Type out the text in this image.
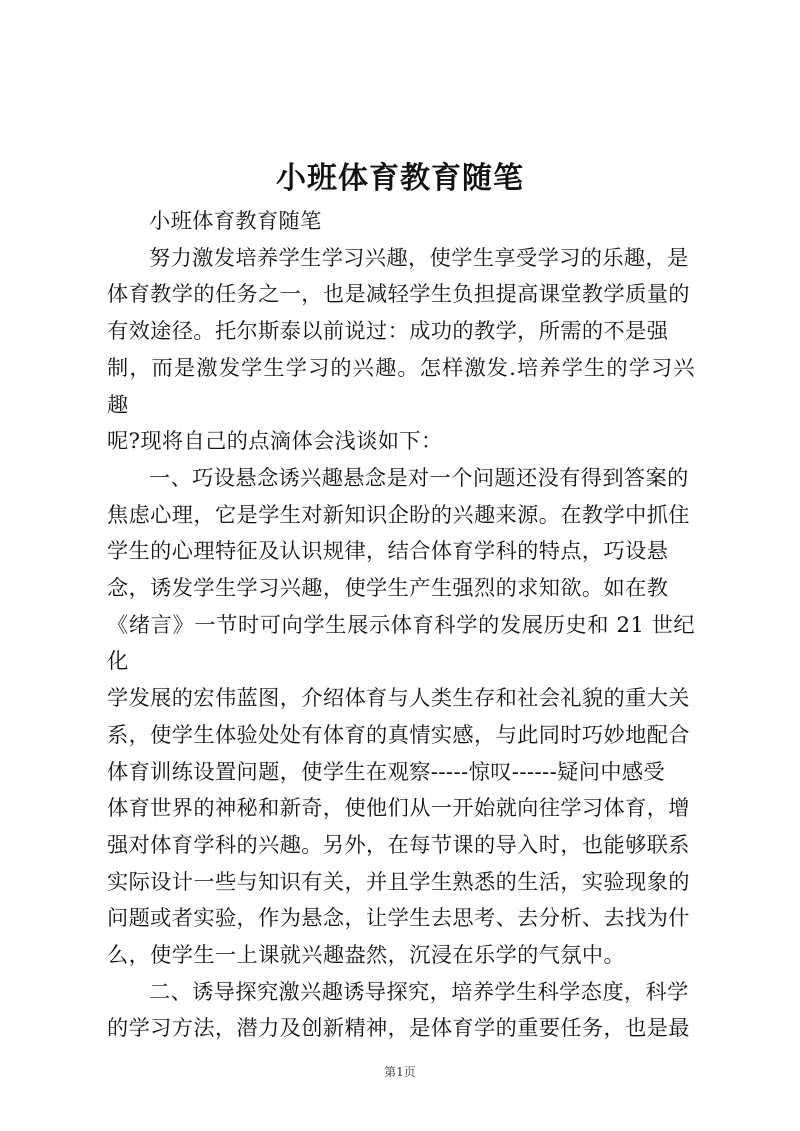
小班体育教育随笔
小班体育教育随笔
努力激发培养学生学习兴趣，使学生享受学习的乐趣，是
体育教学的任务之一，也是减轻学生负担提高课堂教学质量的
有效途径。托尔斯泰以前说过：成功的教学，所需的不是强
制，而是激发学生学习的兴趣。怎样激发.培养学生的学习兴趣
呢?现将自己的点滴体会浅谈如下：
一、巧设悬念诱兴趣悬念是对一个问题还没有得到答案的
焦虑心理，它是学生对新知识企盼的兴趣来源。在教学中抓住
学生的心理特征及认识规律，结合体育学科的特点，巧设悬
念，诱发学生学习兴趣，使学生产生强烈的求知欲。如在教
《绪言》一节时可向学生展示体育科学的发展历史和 21 世纪化
学发展的宏伟蓝图，介绍体育与人类生存和社会礼貌的重大关
系，使学生体验处处有体育的真情实感，与此同时巧妙地配合
体育训练设置问题，使学生在观察-----惊叹------疑问中感受
体育世界的神秘和新奇，使他们从一开始就向往学习体育，增
强对体育学科的兴趣。另外，在每节课的导入时，也能够联系
实际设计一些与知识有关，并且学生熟悉的生活，实验现象的
问题或者实验，作为悬念，让学生去思考、去分析、去找为什
么，使学生一上课就兴趣盎然，沉浸在乐学的气氛中。
二、诱导探究激兴趣诱导探究，培养学生科学态度，科学
的学习方法，潜力及创新精神，是体育学的重要任务，也是最
第1页
